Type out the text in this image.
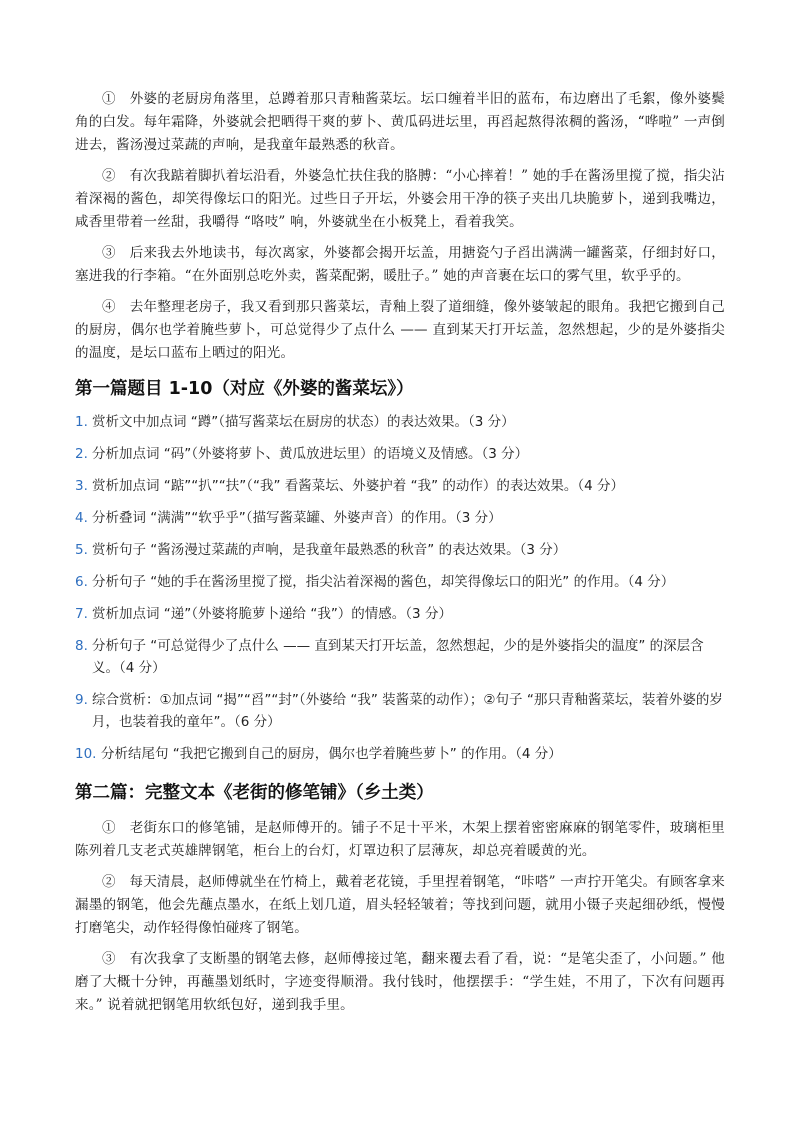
①　外婆的老厨房角落里，总蹲着那只青釉酱菜坛。坛口缠着半旧的蓝布，布边磨出了毛絮，像外婆鬓角的白发。每年霜降，外婆就会把晒得干爽的萝卜、黄瓜码进坛里，再舀起熬得浓稠的酱汤，“哗啦” 一声倒进去，酱汤漫过菜蔬的声响，是我童年最熟悉的秋音。

②　有次我踮着脚扒着坛沿看，外婆急忙扶住我的胳膊：“小心摔着！” 她的手在酱汤里搅了搅，指尖沾着深褐的酱色，却笑得像坛口的阳光。过些日子开坛，外婆会用干净的筷子夹出几块脆萝卜，递到我嘴边，咸香里带着一丝甜，我嚼得 “咯吱” 响，外婆就坐在小板凳上，看着我笑。

③　后来我去外地读书，每次离家，外婆都会揭开坛盖，用搪瓷勺子舀出满满一罐酱菜，仔细封好口，塞进我的行李箱。“在外面别总吃外卖，酱菜配粥，暖肚子。” 她的声音裹在坛口的雾气里，软乎乎的。

④　去年整理老房子，我又看到那只酱菜坛，青釉上裂了道细缝，像外婆皱起的眼角。我把它搬到自己的厨房，偶尔也学着腌些萝卜，可总觉得少了点什么 —— 直到某天打开坛盖，忽然想起，少的是外婆指尖的温度，是坛口蓝布上晒过的阳光。

第一篇题目 1-10（对应《外婆的酱菜坛》）
1. 赏析文中加点词 “蹲”（描写酱菜坛在厨房的状态）的表达效果。（3 分）
2. 分析加点词 “码”（外婆将萝卜、黄瓜放进坛里）的语境义及情感。（3 分）
3. 赏析加点词 “踮”“扒”“扶”（“我” 看酱菜坛、外婆护着 “我” 的动作）的表达效果。（4 分）
4. 分析叠词 “满满”“软乎乎”（描写酱菜罐、外婆声音）的作用。（3 分）
5. 赏析句子 “酱汤漫过菜蔬的声响，是我童年最熟悉的秋音” 的表达效果。（3 分）
6. 分析句子 “她的手在酱汤里搅了搅，指尖沾着深褐的酱色，却笑得像坛口的阳光” 的作用。（4 分）
7. 赏析加点词 “递”（外婆将脆萝卜递给 “我”）的情感。（3 分）
8. 分析句子 “可总觉得少了点什么 —— 直到某天打开坛盖，忽然想起，少的是外婆指尖的温度” 的深层含义。（4 分）
9. 综合赏析：①加点词 “揭”“舀”“封”（外婆给 “我” 装酱菜的动作）；②句子 “那只青釉酱菜坛，装着外婆的岁月，也装着我的童年”。（6 分）
10. 分析结尾句 “我把它搬到自己的厨房，偶尔也学着腌些萝卜” 的作用。（4 分）
第二篇：完整文本《老街的修笔铺》（乡土类）

①　老街东口的修笔铺，是赵师傅开的。铺子不足十平米，木架上摆着密密麻麻的钢笔零件，玻璃柜里陈列着几支老式英雄牌钢笔，柜台上的台灯，灯罩边积了层薄灰，却总亮着暖黄的光。

②　每天清晨，赵师傅就坐在竹椅上，戴着老花镜，手里捏着钢笔，“咔嗒” 一声拧开笔尖。有顾客拿来漏墨的钢笔，他会先蘸点墨水，在纸上划几道，眉头轻轻皱着；等找到问题，就用小镊子夹起细砂纸，慢慢打磨笔尖，动作轻得像怕碰疼了钢笔。

③　有次我拿了支断墨的钢笔去修，赵师傅接过笔，翻来覆去看了看，说：“是笔尖歪了，小问题。” 他磨了大概十分钟，再蘸墨划纸时，字迹变得顺滑。我付钱时，他摆摆手：“学生娃，不用了，下次有问题再来。” 说着就把钢笔用软纸包好，递到我手里。
